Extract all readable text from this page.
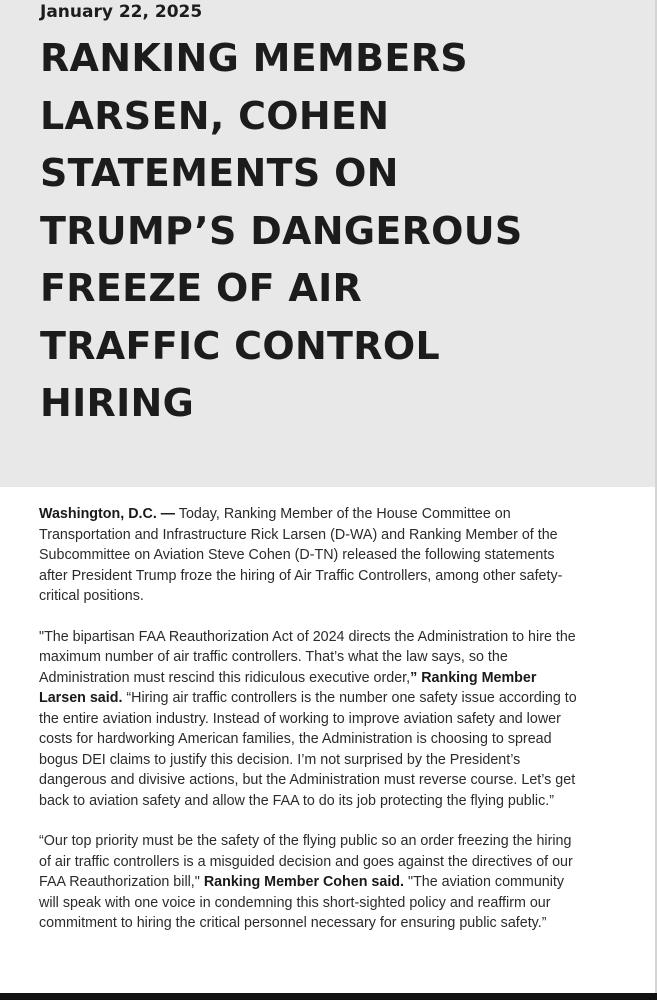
January 22, 2025

RANKING MEMBERS
LARSEN, COHEN
STATEMENTS ON
TRUMP’S DANGEROUS
FREEZE OF AIR
TRAFFIC CONTROL
HIRING

Washington, D.C. — Today, Ranking Member of the House Committee on
Transportation and Infrastructure Rick Larsen (D-WA) and Ranking Member of the
Subcommittee on Aviation Steve Cohen (D-TN) released the following statements
after President Trump froze the hiring of Air Traffic Controllers, among other safety-
critical positions.

"The bipartisan FAA Reauthorization Act of 2024 directs the Administration to hire the
maximum number of air traffic controllers. That’s what the law says, so the
Administration must rescind this ridiculous executive order,” Ranking Member
Larsen said. “Hiring air traffic controllers is the number one safety issue according to
the entire aviation industry. Instead of working to improve aviation safety and lower
costs for hardworking American families, the Administration is choosing to spread
bogus DEI claims to justify this decision. I’m not surprised by the President’s
dangerous and divisive actions, but the Administration must reverse course. Let’s get
back to aviation safety and allow the FAA to do its job protecting the flying public.”

“Our top priority must be the safety of the flying public so an order freezing the hiring
of air traffic controllers is a misguided decision and goes against the directives of our
FAA Reauthorization bill," Ranking Member Cohen said. "The aviation community
will speak with one voice in condemning this short-sighted policy and reaffirm our
commitment to hiring the critical personnel necessary for ensuring public safety.”
